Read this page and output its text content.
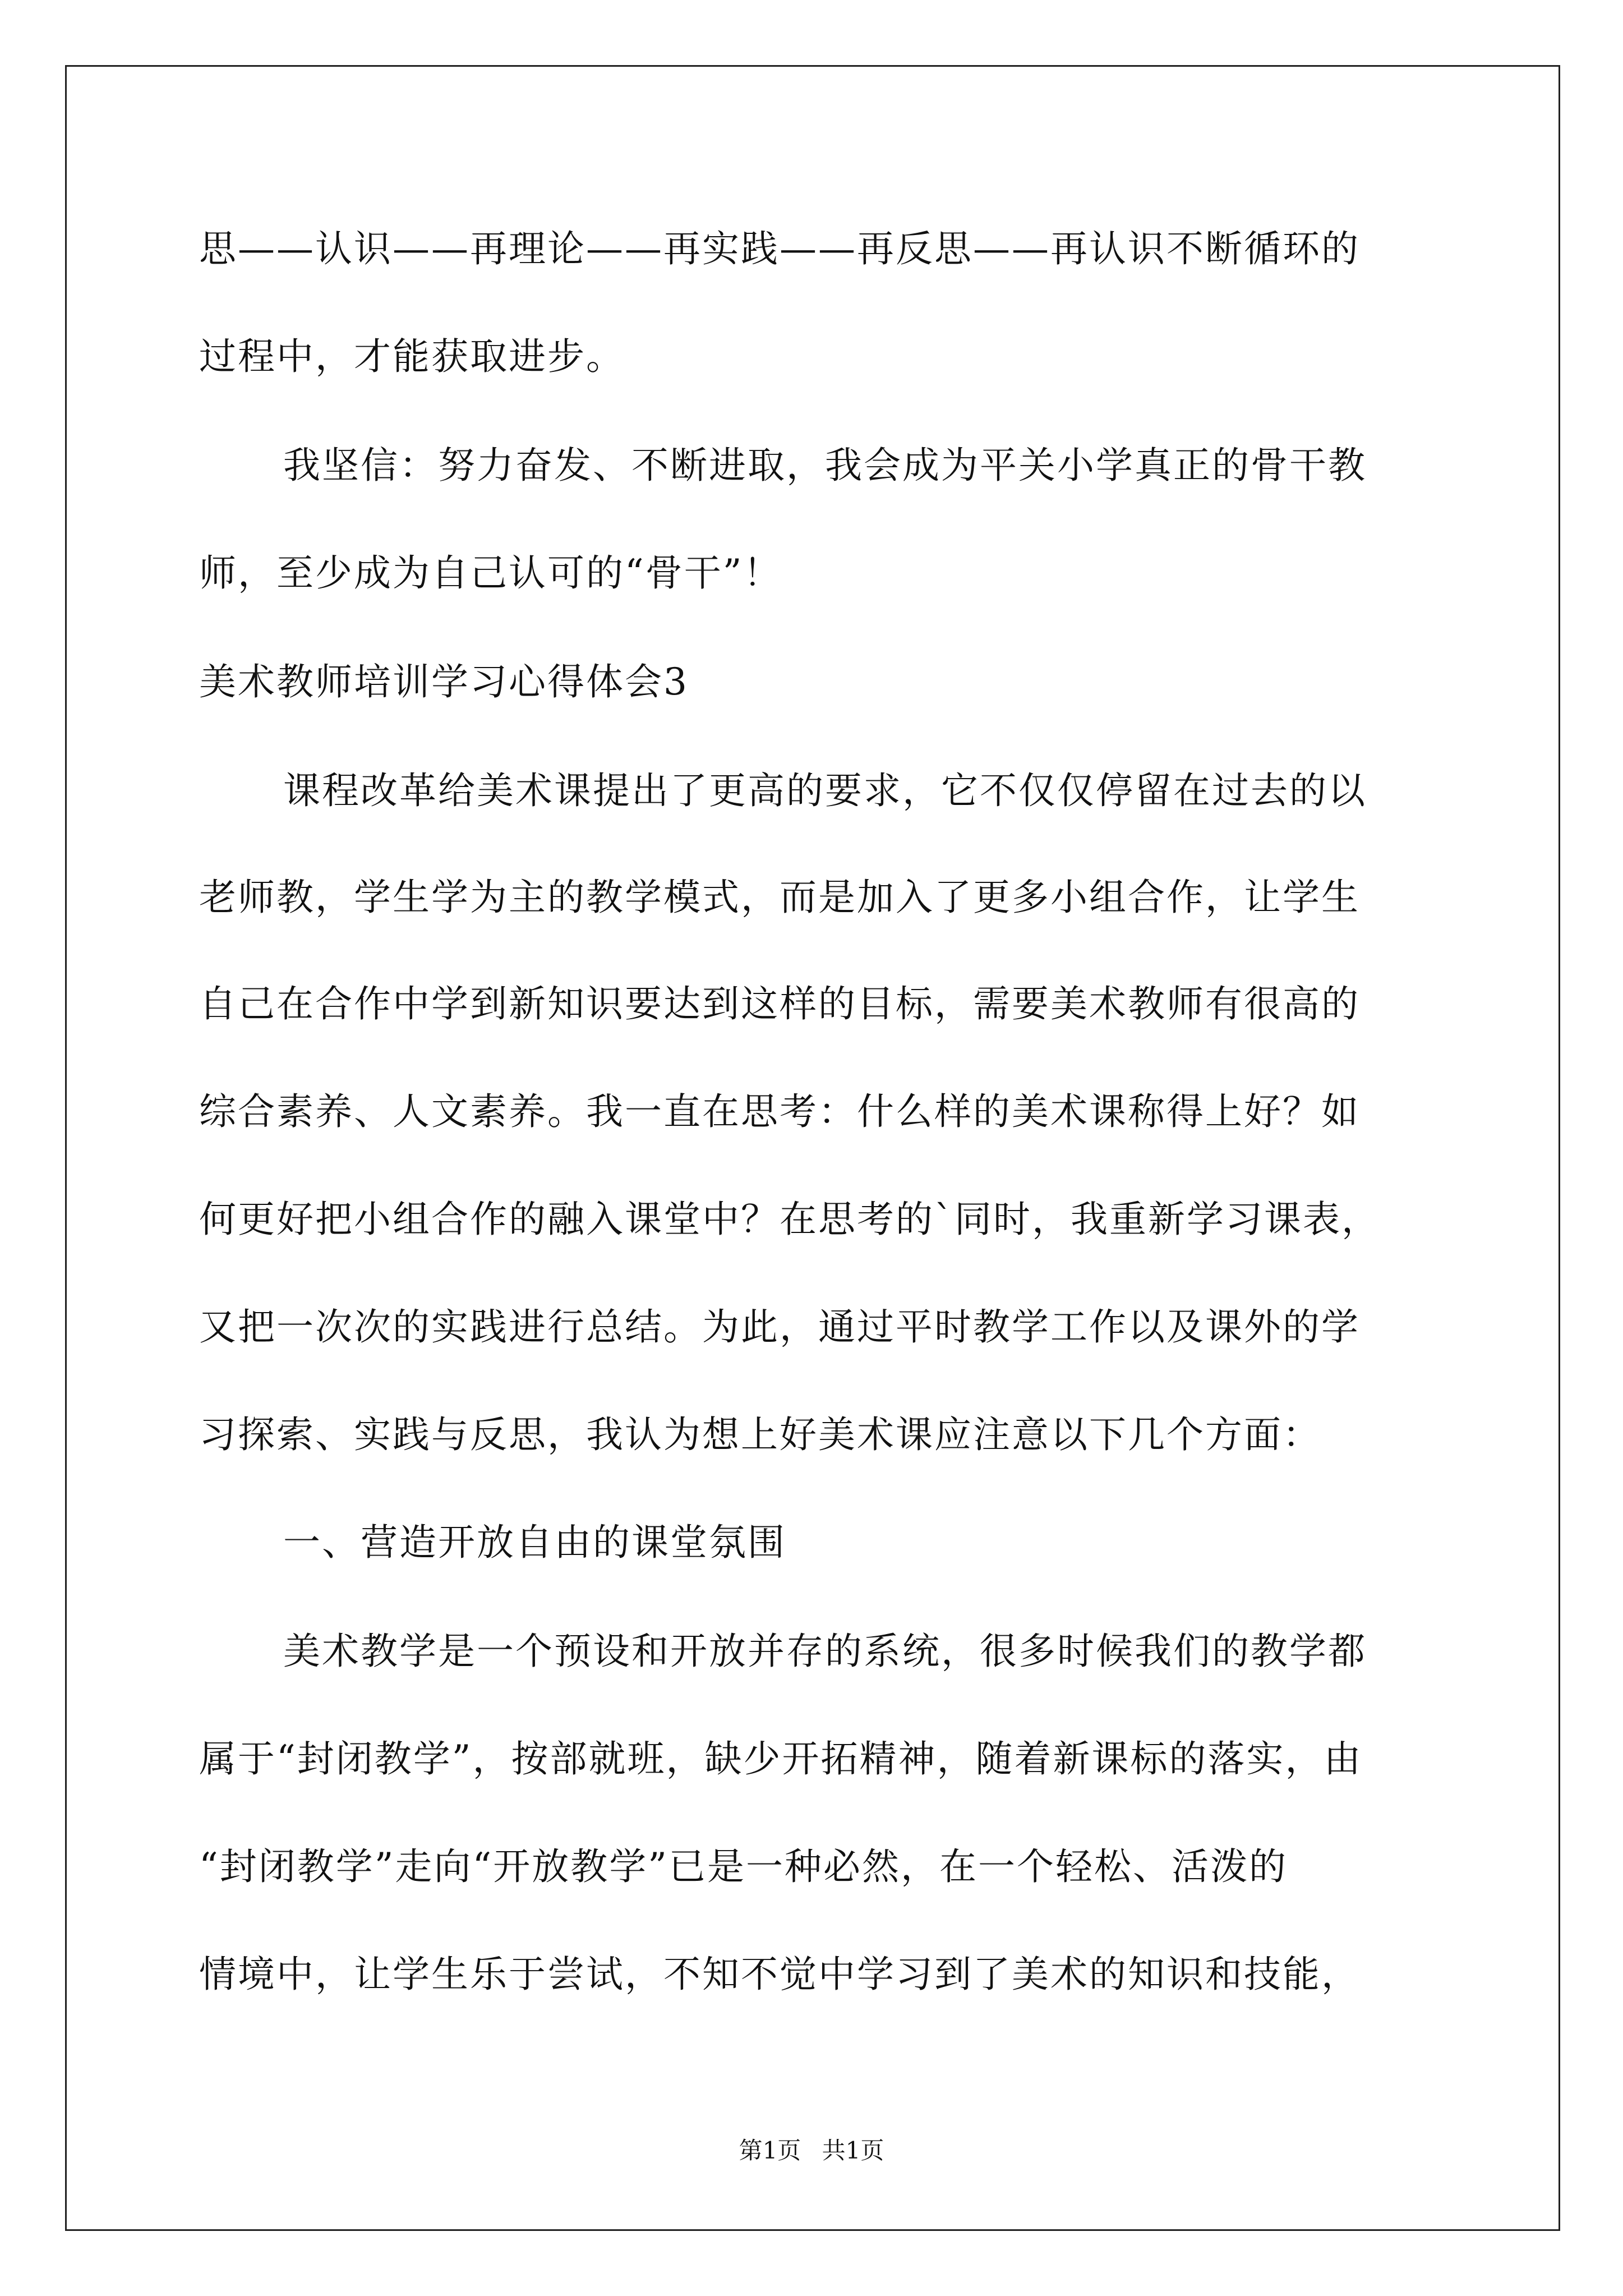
思——认识——再理论——再实践——再反思——再认识不断循环的
过程中，才能获取进步。
我坚信：努力奋发、不断进取，我会成为平关小学真正的骨干教
师，至少成为自己认可的“骨干”！
美术教师培训学习心得体会3
课程改革给美术课提出了更高的要求，它不仅仅停留在过去的以
老师教，学生学为主的教学模式，而是加入了更多小组合作，让学生
自己在合作中学到新知识要达到这样的目标，需要美术教师有很高的
综合素养、人文素养。我一直在思考：什么样的美术课称得上好？如
何更好把小组合作的融入课堂中？在思考的`同时，我重新学习课表，
又把一次次的实践进行总结。为此，通过平时教学工作以及课外的学
习探索、实践与反思，我认为想上好美术课应注意以下几个方面：
一、营造开放自由的课堂氛围
美术教学是一个预设和开放并存的系统，很多时候我们的教学都
属于“封闭教学”，按部就班，缺少开拓精神，随着新课标的落实，由
“封闭教学”走向“开放教学”已是一种必然，在一个轻松、活泼的
情境中，让学生乐于尝试，不知不觉中学习到了美术的知识和技能，
第1页 共1页
